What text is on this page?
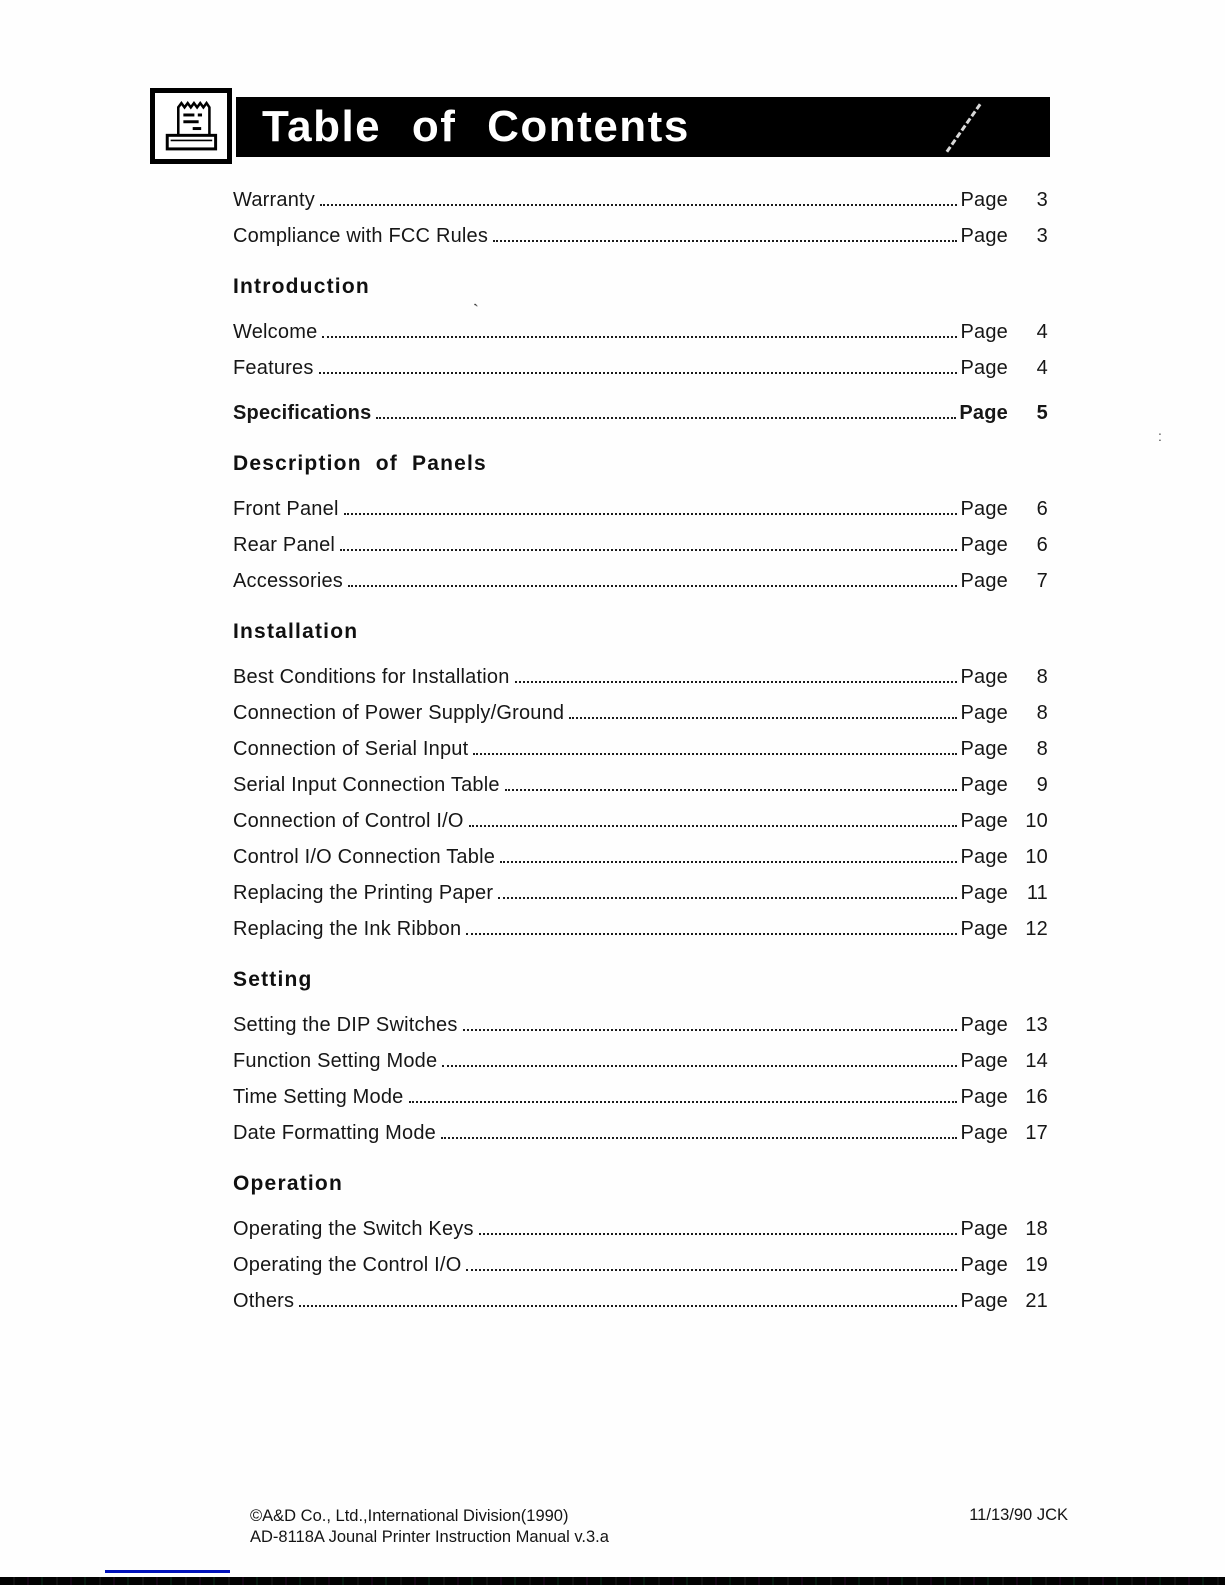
Table of Contents
Warranty	Page	3
Compliance with FCC Rules	Page	3
Introduction
Welcome	Page	4
Features	Page	4
Specifications	Page	5
Description of Panels
Front Panel	Page	6
Rear Panel	Page	6
Accessories	Page	7
Installation
Best Conditions for Installation	Page	8
Connection of Power Supply/Ground	Page	8
Connection of Serial Input	Page	8
Serial Input Connection Table	Page	9
Connection of Control I/O	Page 10
Control I/O Connection Table	Page 10
Replacing the Printing Paper	Page 11
Replacing the Ink Ribbon	Page 12
Setting
Setting the DIP Switches	Page 13
Function Setting Mode	Page 14
Time Setting Mode	Page 16
Date Formatting Mode	Page 17
Operation
Operating the Switch Keys	Page 18
Operating the Control I/O	Page 19
Others	Page 21
©A&D Co., Ltd.,International Division(1990)
AD-8118A Jounal Printer Instruction Manual v.3.a
11/13/90 JCK
,
:
